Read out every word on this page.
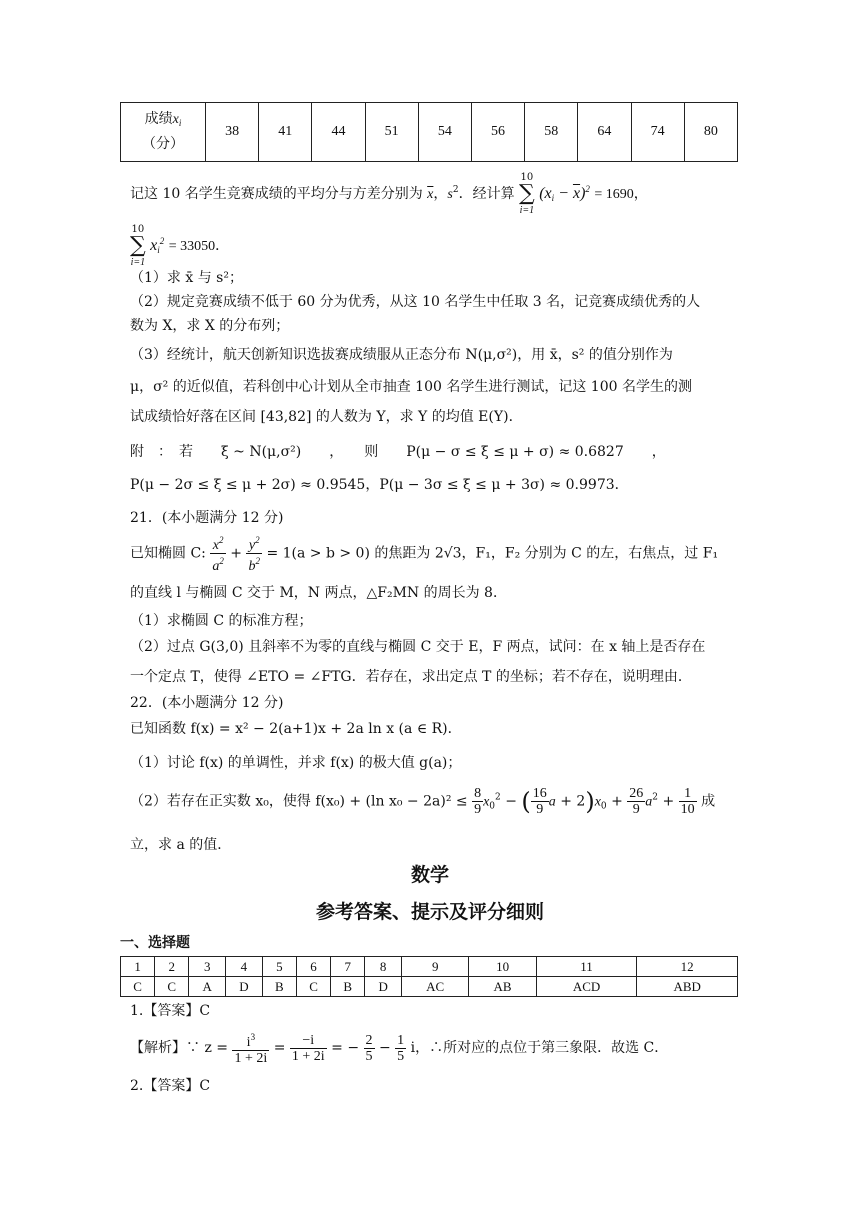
成绩$x_i$
（分）	38	41	44	51	54	56	58	64	74	80
记这 10 名学生竞赛成绩的平均分与方差分别为 $\overline{x}$，$s^2$．经计算 10
∑
i=1 $(x_i - \overline{x})^2 = 1690$，
10
∑
i=1 $x_i^2 = 33050$．
（1）求 x̄ 与 s²；
（2）规定竞赛成绩不低于 60 分为优秀，从这 10 名学生中任取 3 名，记竞赛成绩优秀的人
数为 X，求 X 的分布列；
（3）经统计，航天创新知识选拔赛成绩服从正态分布 N(μ,σ²)，用 x̄，s² 的值分别作为
μ，σ² 的近似值，若科创中心计划从全市抽查 100 名学生进行测试，记这 100 名学生的测
试成绩恰好落在区间 [43,82] 的人数为 Y，求 Y 的均值 E(Y)．
附　：　若　　ξ ~ N(μ,σ²)　　，　　则　　P(μ − σ ≤ ξ ≤ μ + σ) ≈ 0.6827　　，
P(μ − 2σ ≤ ξ ≤ μ + 2σ) ≈ 0.9545，P(μ − 3σ ≤ ξ ≤ μ + 3σ) ≈ 0.9973．
21．(本小题满分 12 分)
已知椭圆 C: $\frac{x^2}{a^2} + \frac{y^2}{b^2} = 1(a > b > 0)$ 的焦距为 2√3，F₁，F₂ 分别为 C 的左，右焦点，过 F₁
的直线 l 与椭圆 C 交于 M，N 两点，△F₂MN 的周长为 8．
（1）求椭圆 C 的标准方程；
（2）过点 G(3,0) 且斜率不为零的直线与椭圆 C 交于 E，F 两点，试问：在 x 轴上是否存在
一个定点 T，使得 ∠ETO = ∠FTG．若存在，求出定点 T 的坐标；若不存在，说明理由．
22．(本小题满分 12 分)
已知函数 f(x) = x² − 2(a+1)x + 2a ln x (a ∈ R)．
（1）讨论 f(x) 的单调性，并求 f(x) 的极大值 g(a)；
（2）若存在正实数 x₀，使得 f(x₀) + (ln $x_0 - 2a)^2 \le \frac{8}{9} x_0^2$ − ( $\frac{16}{9}$ $a + 2)x_0 + \frac{26}{9} a^2 + \frac{1}{10}$ 成
立，求 a 的值．
数学
参考答案、提示及评分细则
一、选择题
1	2	3	4	5	6	7	8	9	10	11	12
C	C	A	D	B	C	B	D	AC	AB	ACD	ABD
1.【答案】C
【解析】∵ $z = \frac{i^3}{1 + 2i} = \frac{-i}{1 + 2i}$ = − $\frac{2}{5} - \frac{1}{5}$ i，∴所对应的点位于第三象限．故选 C．
2.【答案】C
